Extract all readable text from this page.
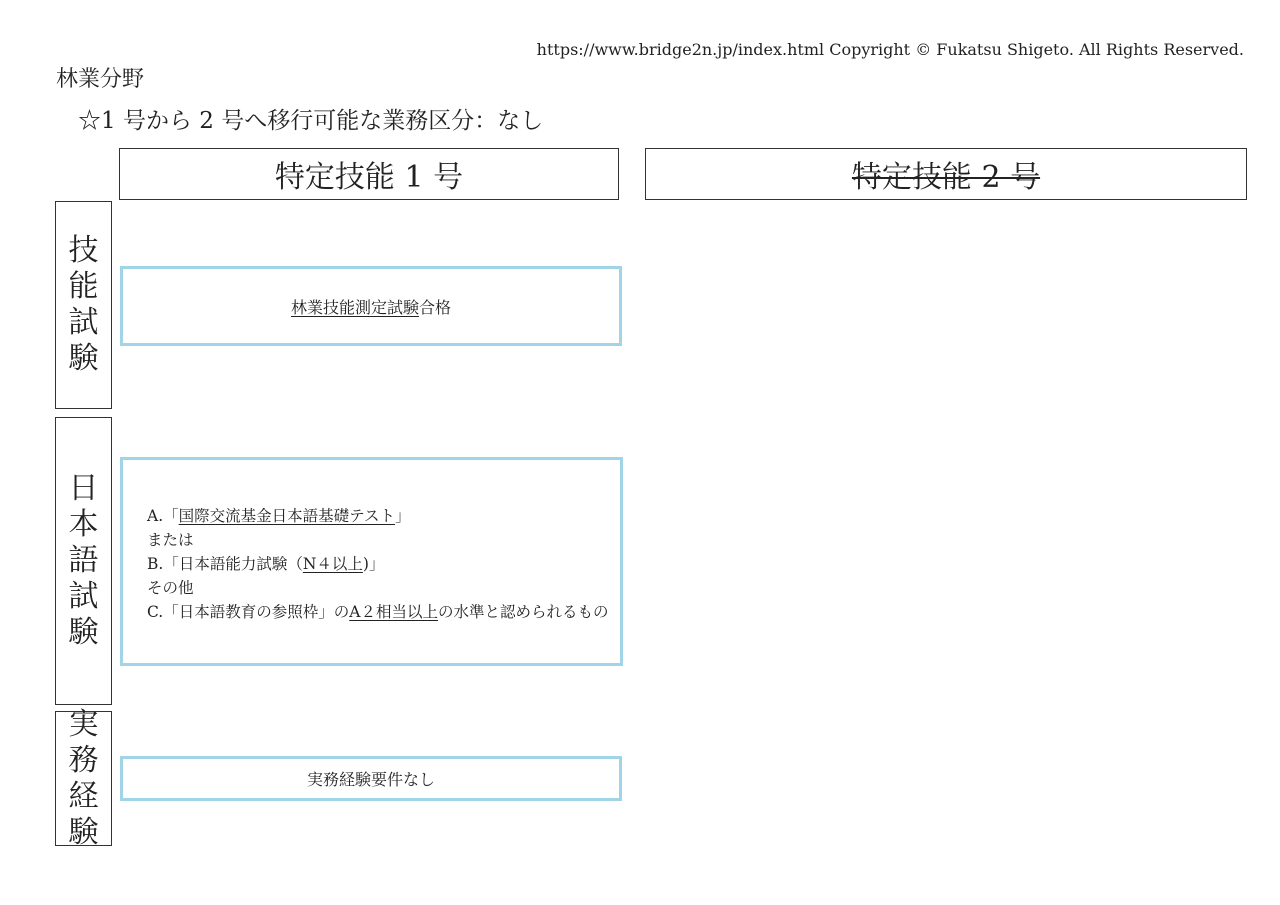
https://www.bridge2n.jp/index.html Copyright © Fukatsu Shigeto. All Rights Reserved.
林業分野
☆1 号から 2 号へ移行可能な業務区分：なし
特定技能 1 号	特定技能 2 号
技
能
試
験
日
本
語
試
験
実
務
経
験
林業技能測定試験合格
A.「国際交流基金日本語基礎テスト」
または
B.「日本語能力試験（N４以上)」
その他
C.「日本語教育の参照枠」のA２相当以上の水準と認められるもの
実務経験要件なし
